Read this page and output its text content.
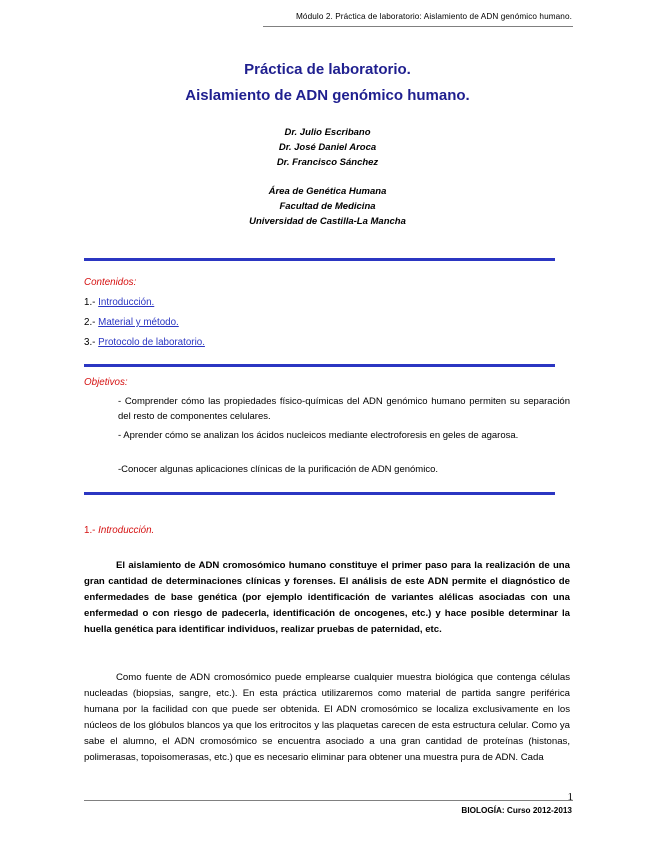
Módulo 2. Práctica de laboratorio: Aislamiento de ADN genómico humano.
Práctica de laboratorio.
Aislamiento de ADN genómico humano.
Dr. Julio Escribano
Dr. José Daniel Aroca
Dr. Francisco Sánchez
Área de Genética Humana
Facultad de Medicina
Universidad de Castilla-La Mancha
Contenidos:
1.- Introducción.
2.- Material y método.
3.- Protocolo de laboratorio.
Objetivos:
- Comprender cómo las propiedades físico-químicas del ADN genómico humano permiten su separación del resto de componentes celulares.
- Aprender cómo se analizan los ácidos nucleicos mediante electroforesis en geles de agarosa.
-Conocer algunas aplicaciones clínicas de la purificación de ADN genómico.
1.- Introducción.
El aislamiento de ADN cromosómico humano constituye el primer paso para la realización de una gran cantidad de determinaciones clínicas y forenses. El análisis de este ADN permite el diagnóstico de enfermedades de base genética (por ejemplo identificación de variantes alélicas asociadas con una enfermedad o con riesgo de padecerla, identificación de oncogenes, etc.) y hace posible determinar la huella genética para identificar individuos, realizar pruebas de paternidad, etc.
Como fuente de ADN cromosómico puede emplearse cualquier muestra biológica que contenga células nucleadas (biopsias, sangre, etc.). En esta práctica utilizaremos como material de partida sangre periférica humana por la facilidad con que puede ser obtenida. El ADN cromosómico se localiza exclusivamente en los núcleos de los glóbulos blancos ya que los eritrocitos y las plaquetas carecen de esta estructura celular. Como ya sabe el alumno, el ADN cromosómico se encuentra asociado a una gran cantidad de proteínas (histonas, polimerasas, topoisomerasas, etc.) que es necesario eliminar para obtener una muestra pura de ADN. Cada
1
BIOLOGÍA: Curso 2012-2013
